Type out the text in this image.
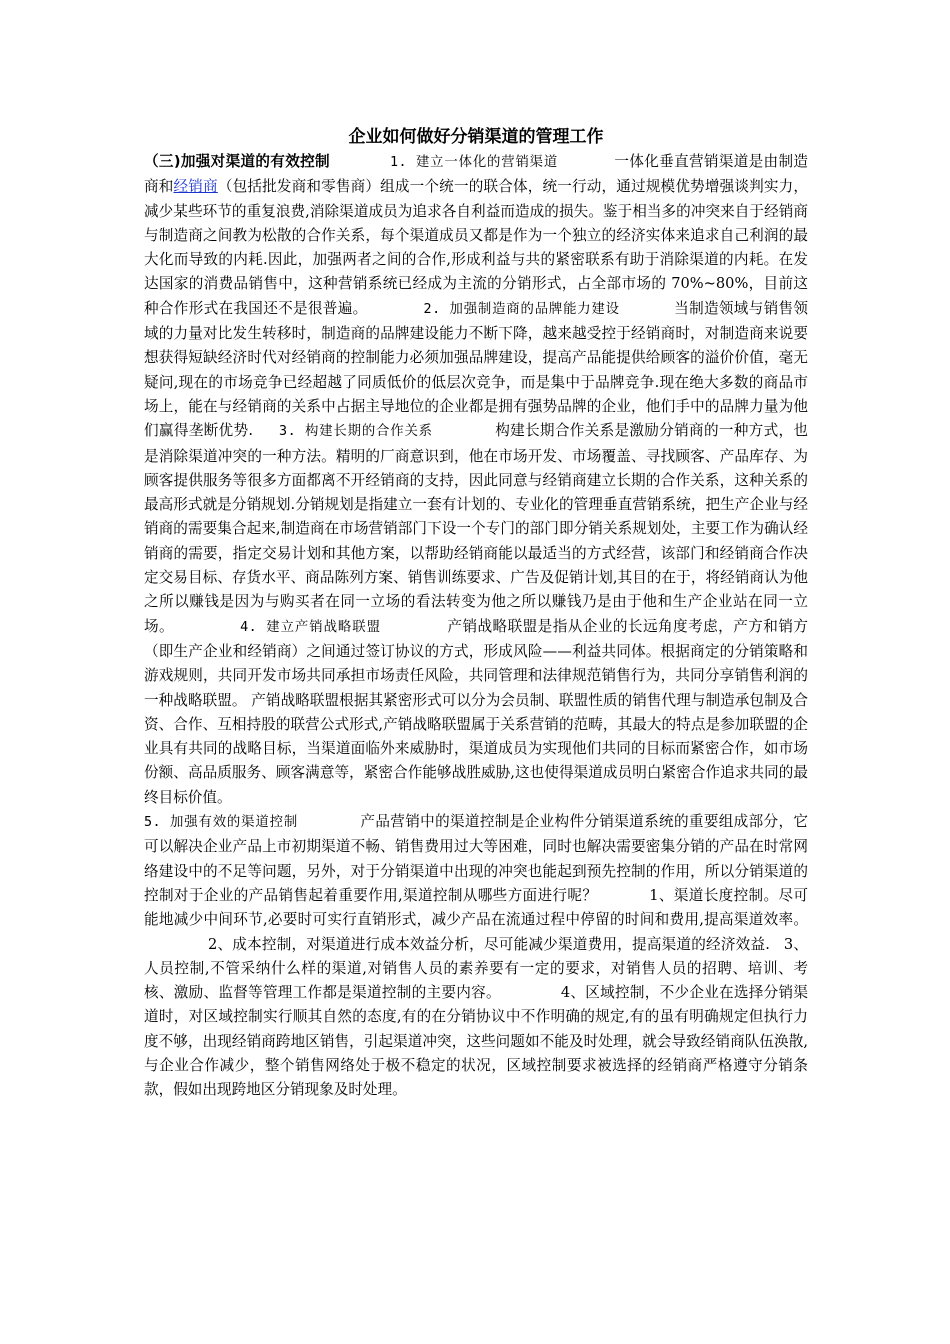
企业如何做好分销渠道的管理工作

（三)加强对渠道的有效控制	1. 建立一体化的营销渠道	一体化垂直营销渠道是由制造商和经销商（包括批发商和零售商）组成一个统一的联合体，统一行动，通过规模优势增强谈判实力，减少某些环节的重复浪费,消除渠道成员为追求各自利益而造成的损失。鉴于相当多的冲突来自于经销商与制造商之间教为松散的合作关系，每个渠道成员又都是作为一个独立的经济实体来追求自己利润的最大化而导致的内耗.因此，加强两者之间的合作,形成利益与共的紧密联系有助于消除渠道的内耗。在发达国家的消费品销售中，这种营销系统已经成为主流的分销形式，占全部市场的 70%~80%，目前这种合作形式在我国还不是很普遍。	2. 加强制造商的品牌能力建设	当制造领域与销售领域的力量对比发生转移时，制造商的品牌建设能力不断下降，越来越受控于经销商时，对制造商来说要想获得短缺经济时代对经销商的控制能力必须加强品牌建设，提高产品能提供给顾客的溢价价值，毫无疑问,现在的市场竞争已经超越了同质低价的低层次竞争，而是集中于品牌竞争.现在绝大多数的商品市场上，能在与经销商的关系中占据主导地位的企业都是拥有强势品牌的企业，他们手中的品牌力量为他们赢得垄断优势. 3. 构建长期的合作关系	构建长期合作关系是激励分销商的一种方式，也是消除渠道冲突的一种方法。精明的厂商意识到，他在市场开发、市场覆盖、寻找顾客、产品库存、为顾客提供服务等很多方面都离不开经销商的支持，因此同意与经销商建立长期的合作关系，这种关系的最高形式就是分销规划.分销规划是指建立一套有计划的、专业化的管理垂直营销系统，把生产企业与经销商的需要集合起来,制造商在市场营销部门下设一个专门的部门即分销关系规划处，主要工作为确认经销商的需要，指定交易计划和其他方案，以帮助经销商能以最适当的方式经营，该部门和经销商合作决定交易目标、存货水平、商品陈列方案、销售训练要求、广告及促销计划,其目的在于，将经销商认为他之所以赚钱是因为与购买者在同一立场的看法转变为他之所以赚钱乃是由于他和生产企业站在同一立场。	4. 建立产销战略联盟	产销战略联盟是指从企业的长远角度考虑，产方和销方（即生产企业和经销商）之间通过签订协议的方式，形成风险——利益共同体。根据商定的分销策略和游戏规则，共同开发市场共同承担市场责任风险，共同管理和法律规范销售行为，共同分享销售利润的一种战略联盟。 产销战略联盟根据其紧密形式可以分为会员制、联盟性质的销售代理与制造承包制及合资、合作、互相持股的联营公式形式,产销战略联盟属于关系营销的范畴，其最大的特点是参加联盟的企业具有共同的战略目标，当渠道面临外来威胁时，渠道成员为实现他们共同的目标而紧密合作，如市场份额、高品质服务、顾客满意等，紧密合作能够战胜威胁,这也使得渠道成员明白紧密合作追求共同的最终目标价值。

5. 加强有效的渠道控制	产品营销中的渠道控制是企业构件分销渠道系统的重要组成部分，它可以解决企业产品上市初期渠道不畅、销售费用过大等困难，同时也解决需要密集分销的产品在时常网络建设中的不足等问题，另外，对于分销渠道中出现的冲突也能起到预先控制的作用，所以分销渠道的控制对于企业的产品销售起着重要作用,渠道控制从哪些方面进行呢？	1、渠道长度控制。尽可能地减少中间环节,必要时可实行直销形式，减少产品在流通过程中停留的时间和费用,提高渠道效率。2、成本控制，对渠道进行成本效益分析，尽可能减少渠道费用，提高渠道的经济效益. 3、人员控制,不管采纳什么样的渠道,对销售人员的素养要有一定的要求，对销售人员的招聘、培训、考核、激励、监督等管理工作都是渠道控制的主要内容。	4、区域控制，不少企业在选择分销渠道时，对区域控制实行顺其自然的态度,有的在分销协议中不作明确的规定,有的虽有明确规定但执行力度不够，出现经销商跨地区销售，引起渠道冲突，这些问题如不能及时处理，就会导致经销商队伍涣散,与企业合作减少，整个销售网络处于极不稳定的状况，区域控制要求被选择的经销商严格遵守分销条款，假如出现跨地区分销现象及时处理。
